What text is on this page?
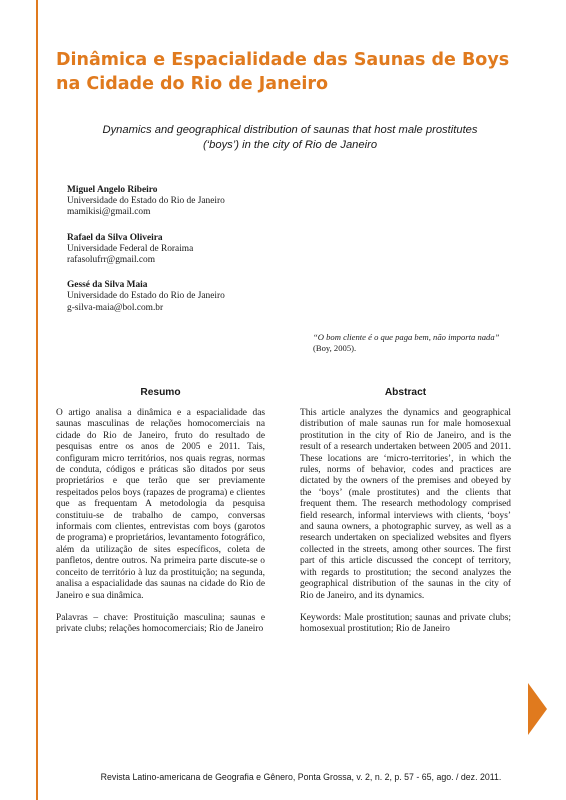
Dinâmica e Espacialidade das Saunas de Boys na Cidade do Rio de Janeiro
Dynamics and geographical distribution of saunas that host male prostitutes
(‘boys’) in the city of Rio de Janeiro
Miguel Angelo Ribeiro
Universidade do Estado do Rio de Janeiro
mamikisi@gmail.com
Rafael da Silva Oliveira
Universidade Federal de Roraima
rafasolufrr@gmail.com
Gessé da Silva Maia
Universidade do Estado do Rio de Janeiro
g-silva-maia@bol.com.br
“O bom cliente é o que paga bem, não importa nada”
(Boy, 2005).
Resumo

O artigo analisa a dinâmica e a espacialidade das saunas masculinas de relações homocomerciais na cidade do Rio de Janeiro, fruto do resultado de pesquisas entre os anos de 2005 e 2011. Tais, configuram micro territórios, nos quais regras, normas de conduta, códigos e práticas são ditados por seus proprietários e que terão que ser previamente respeitados pelos boys (rapazes de programa) e clientes que as frequentam A metodologia da pesquisa constituiu-se de trabalho de campo, conversas informais com clientes, entrevistas com boys (garotos de programa) e proprietários, levantamento fotográfico, além da utilização de sites específicos, coleta de panfletos, dentre outros. Na primeira parte discute-se o conceito de território à luz da prostituição; na segunda, analisa a espacialidade das saunas na cidade do Rio de Janeiro e sua dinâmica.

Palavras – chave: Prostituição masculina; saunas e private clubs; relações homocomerciais; Rio de Janeiro

Abstract

This article analyzes the dynamics and geographical distribution of male saunas run for male homosexual prostitution in the city of Rio de Janeiro, and is the result of a research undertaken between 2005 and 2011. These locations are ‘micro-territories’, in which the rules, norms of behavior, codes and practices are dictated by the owners of the premises and obeyed by the ‘boys’ (male prostitutes) and the clients that frequent them. The research methodology comprised field research, informal interviews with clients, ‘boys’ and sauna owners, a photographic survey, as well as a research undertaken on specialized websites and flyers collected in the streets, among other sources. The first part of this article discussed the concept of territory, with regards to prostitution; the second analyzes the geographical distribution of the saunas in the city of Rio de Janeiro, and its dynamics.

Keywords: Male prostitution; saunas and private clubs; homosexual prostitution; Rio de Janeiro

Revista Latino-americana de Geografia e Gênero, Ponta Grossa, v. 2, n. 2, p. 57 - 65, ago. / dez. 2011.
